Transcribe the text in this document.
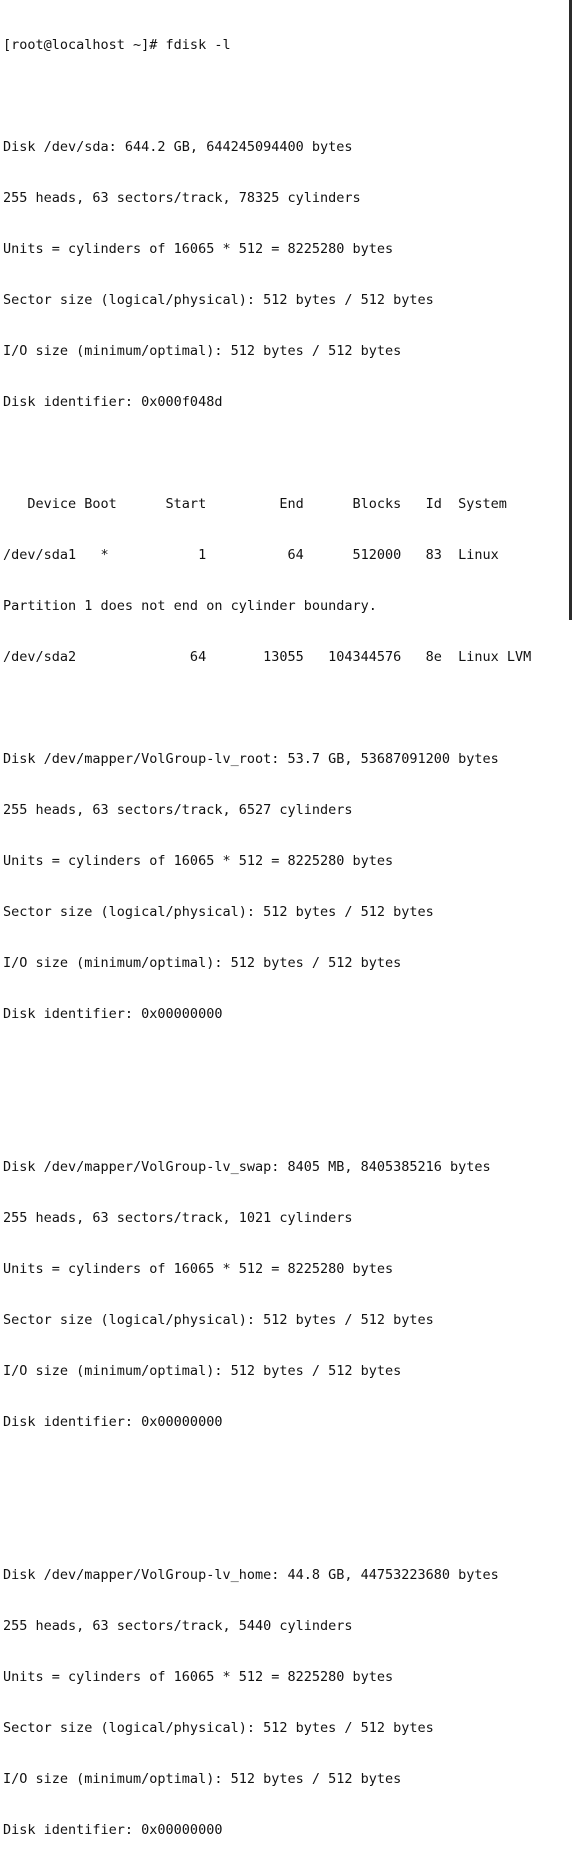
[root@localhost ~]# fdisk -l

Disk /dev/sda: 644.2 GB, 644245094400 bytes

255 heads, 63 sectors/track, 78325 cylinders

Units = cylinders of 16065 * 512 = 8225280 bytes

Sector size (logical/physical): 512 bytes / 512 bytes

I/O size (minimum/optimal): 512 bytes / 512 bytes

Disk identifier: 0x000f048d

Device Boot      Start         End      Blocks   Id  System

/dev/sda1   *           1          64      512000   83  Linux

Partition 1 does not end on cylinder boundary.

/dev/sda2              64       13055   104344576   8e  Linux LVM

Disk /dev/mapper/VolGroup-lv_root: 53.7 GB, 53687091200 bytes

255 heads, 63 sectors/track, 6527 cylinders

Units = cylinders of 16065 * 512 = 8225280 bytes

Sector size (logical/physical): 512 bytes / 512 bytes

I/O size (minimum/optimal): 512 bytes / 512 bytes

Disk identifier: 0x00000000

Disk /dev/mapper/VolGroup-lv_swap: 8405 MB, 8405385216 bytes

255 heads, 63 sectors/track, 1021 cylinders

Units = cylinders of 16065 * 512 = 8225280 bytes

Sector size (logical/physical): 512 bytes / 512 bytes

I/O size (minimum/optimal): 512 bytes / 512 bytes

Disk identifier: 0x00000000

Disk /dev/mapper/VolGroup-lv_home: 44.8 GB, 44753223680 bytes

255 heads, 63 sectors/track, 5440 cylinders

Units = cylinders of 16065 * 512 = 8225280 bytes

Sector size (logical/physical): 512 bytes / 512 bytes

I/O size (minimum/optimal): 512 bytes / 512 bytes

Disk identifier: 0x00000000
